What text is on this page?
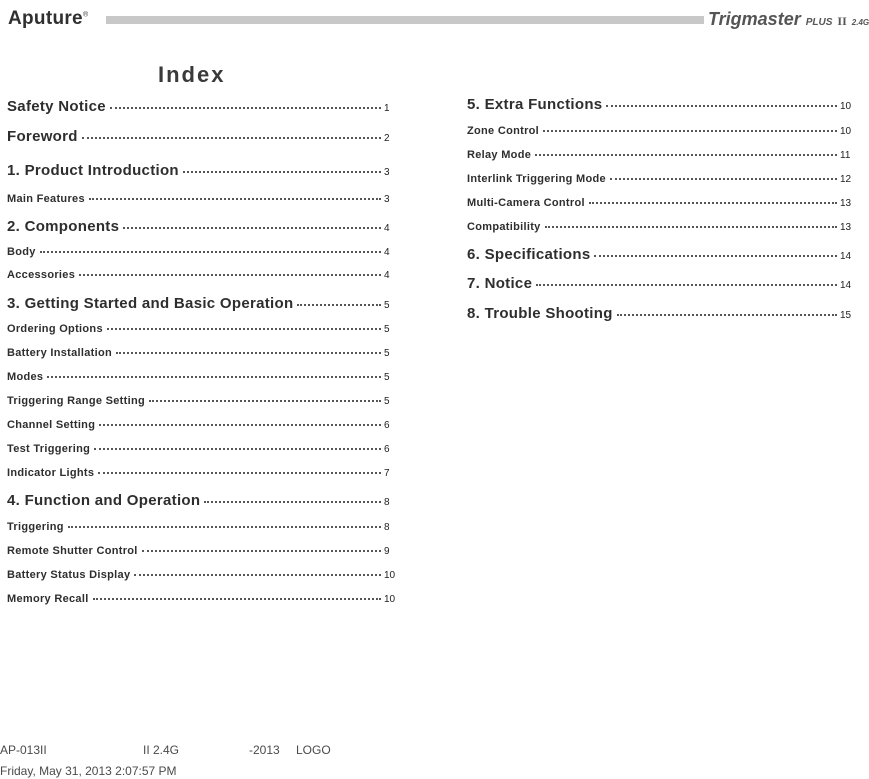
Aputure®	Trigmaster PLUS II 2.4G
Index
Safety Notice	1
Foreword	2
1. Product Introduction	3
Main Features	3
2. Components	4
Body	4
Accessories	4
3. Getting Started and Basic Operation	5
Ordering Options	5
Battery Installation	5
Modes	5
Triggering Range Setting	5
Channel Setting	6
Test Triggering	6
Indicator Lights	7
4. Function and Operation	8
Triggering	8
Remote Shutter Control	9
Battery Status Display	10
Memory Recall	10
5. Extra Functions	10
Zone Control	10
Relay Mode	11
Interlink Triggering Mode	12
Multi-Camera Control	13
Compatibility	13
6. Specifications	14
7. Notice	14
8. Trouble Shooting	15
AP-013II	II 2.4G	-2013 LOGO
Friday, May 31, 2013 2:07:57 PM
